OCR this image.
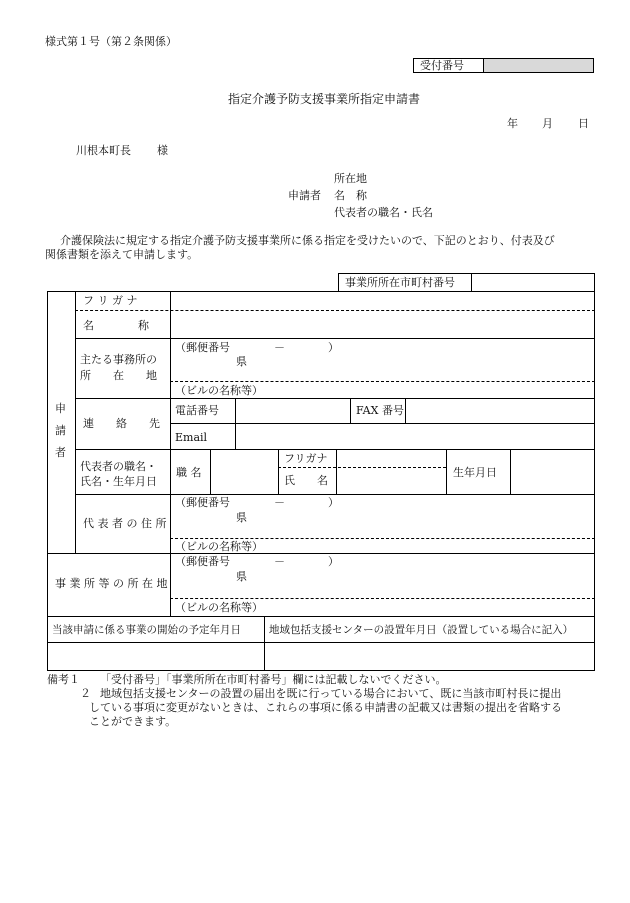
様式第１号（第２条関係）
受付番号
指定介護予防支援事業所指定申請書
年 月 日
川根本町長 様
所在地
申請者 名　称
代表者の職名・氏名
介護保険法に規定する指定介護予防支援事業所に係る指定を受けたいので、下記のとおり、付表及び
関係書類を添えて申請します。
事業所所在市町村番号
申
請
者
フ リ ガ ナ
名　　　　称
主たる事務所の
所　　在　　地
（郵便番号	－	）
県
（ビルの名称等）
連　　絡　　先
電話番号	FAX 番号
Email
代表者の職名・
氏名・生年月日
職 名
フリガナ
氏　　名
生年月日
代 表 者 の 住 所
（郵便番号	－	）
県
（ビルの名称等）
事 業 所 等 の 所 在 地
（郵便番号	－	）
県
（ビルの名称等）
当該申請に係る事業の開始の予定年月日	地域包括支援センターの設置年月日（設置している場合に記入）
備考１ 「受付番号」「事業所所在市町村番号」欄には記載しないでください。
２ 地域包括支援センターの設置の届出を既に行っている場合において、既に当該市町村長に提出
している事項に変更がないときは、これらの事項に係る申請書の記載又は書類の提出を省略する
ことができます。
